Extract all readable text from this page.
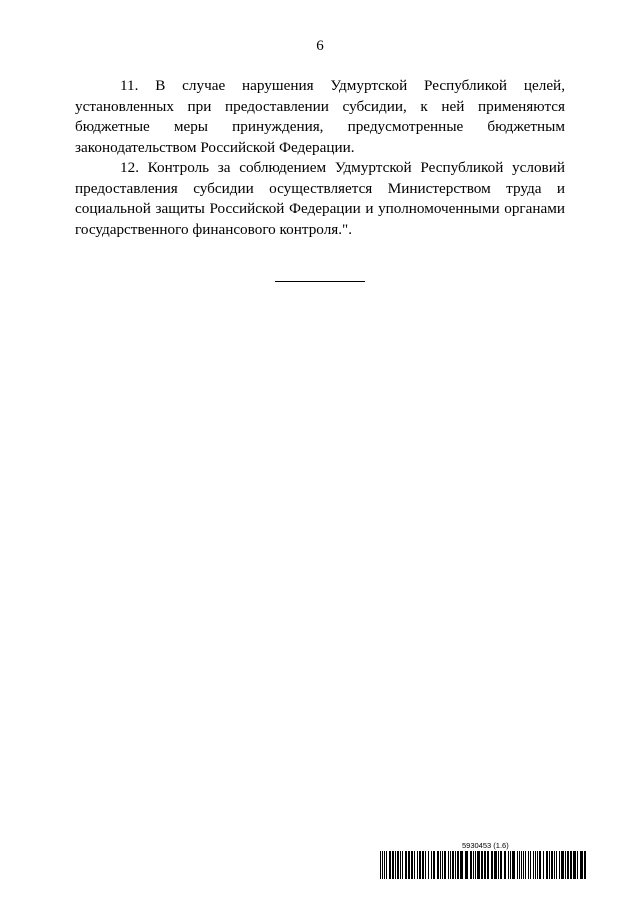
6

11. В случае нарушения Удмуртской Республикой целей, установленных при предоставлении субсидии, к ней применяются бюджетные меры принуждения, предусмотренные бюджетным законодательством Российской Федерации.

12. Контроль за соблюдением Удмуртской Республикой условий предоставления субсидии осуществляется Министерством труда и социальной защиты Российской Федерации и уполномоченными органами государственного финансового контроля.".

5930453 (1.6)
